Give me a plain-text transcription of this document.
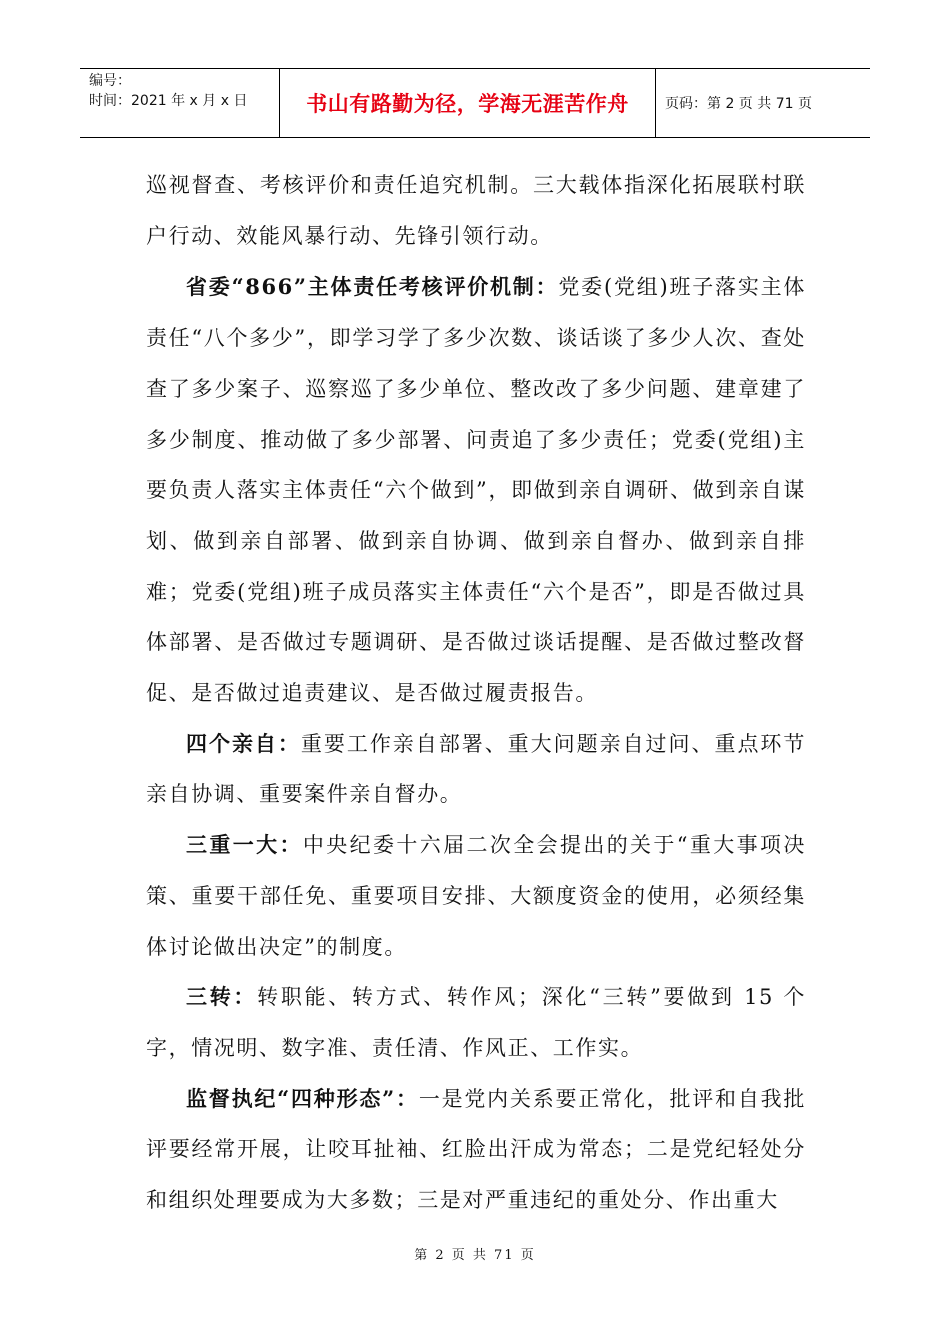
编号：
时间：2021 年 x 月 x 日	书山有路勤为径，学海无涯苦作舟	页码：第 2 页 共 71 页

巡视督查、考核评价和责任追究机制。三大载体指深化拓展联村联户行动、效能风暴行动、先锋引领行动。

省委“866”主体责任考核评价机制：党委(党组)班子落实主体责任“八个多少”，即学习学了多少次数、谈话谈了多少人次、查处查了多少案子、巡察巡了多少单位、整改改了多少问题、建章建了多少制度、推动做了多少部署、问责追了多少责任；党委(党组)主要负责人落实主体责任“六个做到”，即做到亲自调研、做到亲自谋划、做到亲自部署、做到亲自协调、做到亲自督办、做到亲自排难；党委(党组)班子成员落实主体责任“六个是否”，即是否做过具体部署、是否做过专题调研、是否做过谈话提醒、是否做过整改督促、是否做过追责建议、是否做过履责报告。

四个亲自：重要工作亲自部署、重大问题亲自过问、重点环节亲自协调、重要案件亲自督办。

三重一大：中央纪委十六届二次全会提出的关于“重大事项决策、重要干部任免、重要项目安排、大额度资金的使用，必须经集体讨论做出决定”的制度。

三转：转职能、转方式、转作风；深化“三转”要做到 15 个字，情况明、数字准、责任清、作风正、工作实。

监督执纪“四种形态”：一是党内关系要正常化，批评和自我批评要经常开展，让咬耳扯袖、红脸出汗成为常态；二是党纪轻处分和组织处理要成为大多数；三是对严重违纪的重处分、作出重大

第 2 页 共 71 页
